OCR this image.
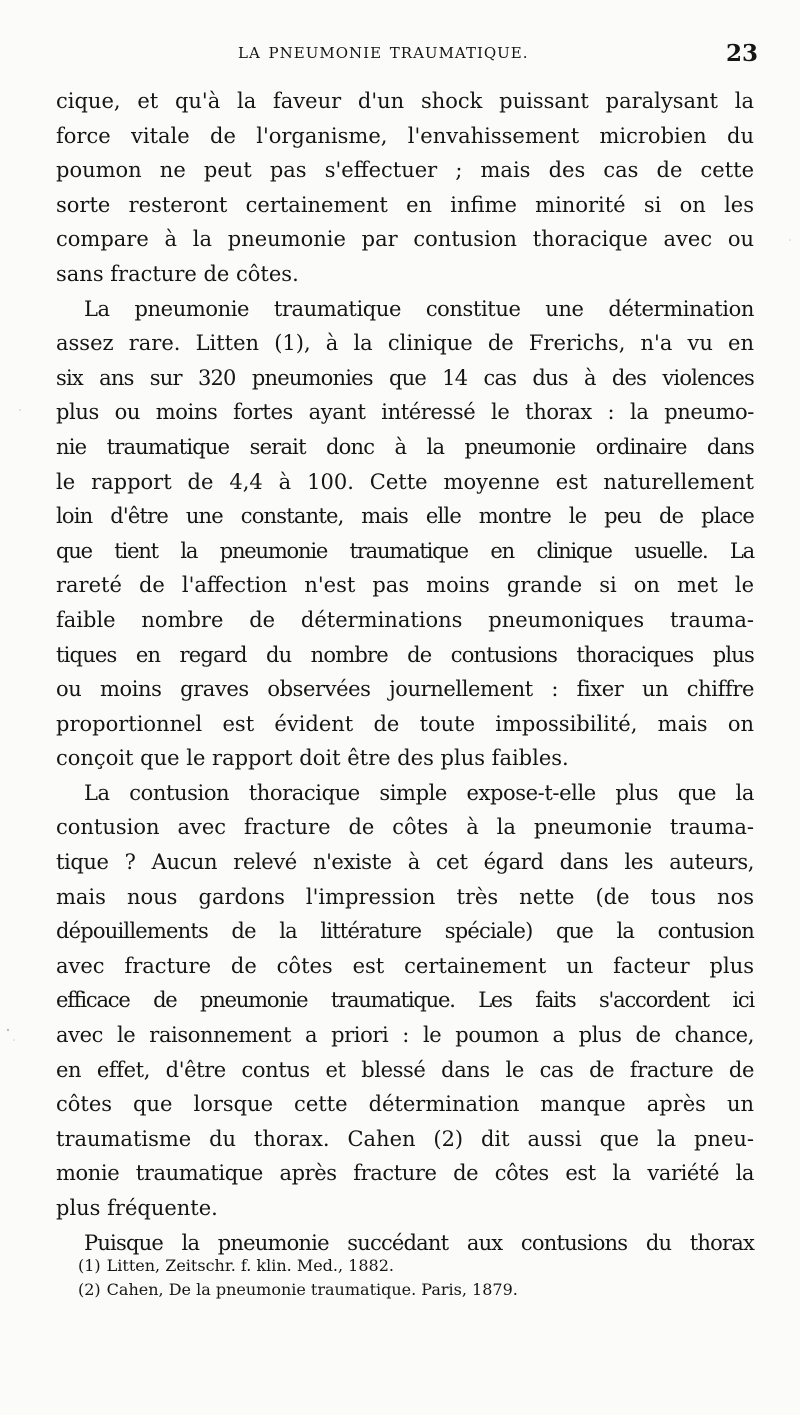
LA PNEUMONIE TRAUMATIQUE.	23
cique, et qu'à la faveur d'un shock puissant paralysant la
force vitale de l'organisme, l'envahissement microbien du
poumon ne peut pas s'effectuer ; mais des cas de cette
sorte resteront certainement en infime minorité si on les
compare à la pneumonie par contusion thoracique avec ou
sans fracture de côtes.
La pneumonie traumatique constitue une détermination
assez rare. Litten (1), à la clinique de Frerichs, n'a vu en
six ans sur 320 pneumonies que 14 cas dus à des violences
plus ou moins fortes ayant intéressé le thorax : la pneumo-
nie traumatique serait donc à la pneumonie ordinaire dans
le rapport de 4,4 à 100. Cette moyenne est naturellement
loin d'être une constante, mais elle montre le peu de place
que tient la pneumonie traumatique en clinique usuelle. La
rareté de l'affection n'est pas moins grande si on met le
faible nombre de déterminations pneumoniques trauma-
tiques en regard du nombre de contusions thoraciques plus
ou moins graves observées journellement : fixer un chiffre
proportionnel est évident de toute impossibilité, mais on
conçoit que le rapport doit être des plus faibles.
La contusion thoracique simple expose-t-elle plus que la
contusion avec fracture de côtes à la pneumonie trauma-
tique ? Aucun relevé n'existe à cet égard dans les auteurs,
mais nous gardons l'impression très nette (de tous nos
dépouillements de la littérature spéciale) que la contusion
avec fracture de côtes est certainement un facteur plus
efficace de pneumonie traumatique. Les faits s'accordent ici
avec le raisonnement a priori : le poumon a plus de chance,
en effet, d'être contus et blessé dans le cas de fracture de
côtes que lorsque cette détermination manque après un
traumatisme du thorax. Cahen (2) dit aussi que la pneu-
monie traumatique après fracture de côtes est la variété la
plus fréquente.
Puisque la pneumonie succédant aux contusions du thorax
(1) Litten, Zeitschr. f. klin. Med., 1882.
(2) Cahen, De la pneumonie traumatique. Paris, 1879.
